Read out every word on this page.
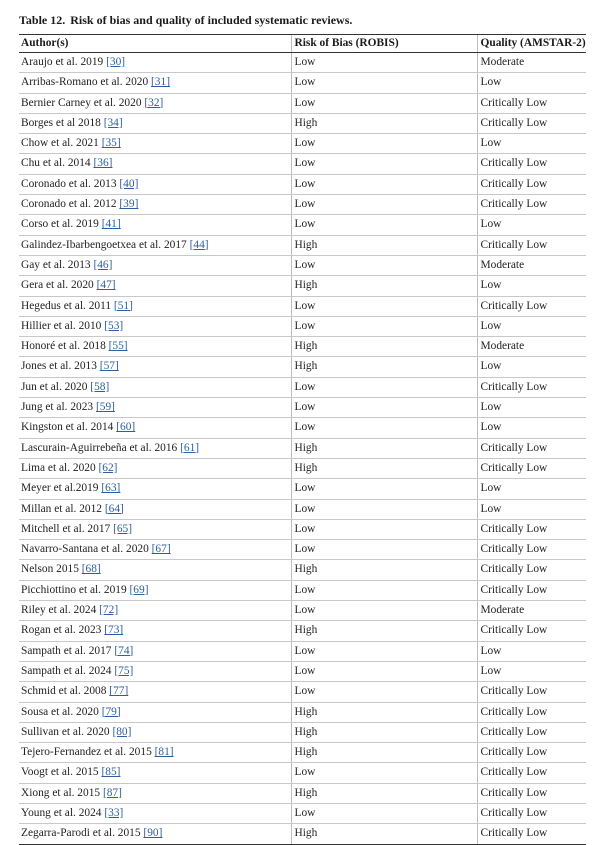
Table 12. Risk of bias and quality of included systematic reviews.
Author(s)	Risk of Bias (ROBIS)	Quality (AMSTAR-2)
Araujo et al. 2019 [30]	Low	Moderate
Arribas-Romano et al. 2020 [31]	Low	Low
Bernier Carney et al. 2020 [32]	Low	Critically Low
Borges et al 2018 [34]	High	Critically Low
Chow et al. 2021 [35]	Low	Low
Chu et al. 2014 [36]	Low	Critically Low
Coronado et al. 2013 [40]	Low	Critically Low
Coronado et al. 2012 [39]	Low	Critically Low
Corso et al. 2019 [41]	Low	Low
Galindez-Ibarbengoetxea et al. 2017 [44]	High	Critically Low
Gay et al. 2013 [46]	Low	Moderate
Gera et al. 2020 [47]	High	Low
Hegedus et al. 2011 [51]	Low	Critically Low
Hillier et al. 2010 [53]	Low	Low
Honoré et al. 2018 [55]	High	Moderate
Jones et al. 2013 [57]	High	Low
Jun et al. 2020 [58]	Low	Critically Low
Jung et al. 2023 [59]	Low	Low
Kingston et al. 2014 [60]	Low	Low
Lascurain-Aguirrebeña et al. 2016 [61]	High	Critically Low
Lima et al. 2020 [62]	High	Critically Low
Meyer et al.2019 [63]	Low	Low
Millan et al. 2012 [64]	Low	Low
Mitchell et al. 2017 [65]	Low	Critically Low
Navarro-Santana et al. 2020 [67]	Low	Critically Low
Nelson 2015 [68]	High	Critically Low
Picchiottino et al. 2019 [69]	Low	Critically Low
Riley et al. 2024 [72]	Low	Moderate
Rogan et al. 2023 [73]	High	Critically Low
Sampath et al. 2017 [74]	Low	Low
Sampath et al. 2024 [75]	Low	Low
Schmid et al. 2008 [77]	Low	Critically Low
Sousa et al. 2020 [79]	High	Critically Low
Sullivan et al. 2020 [80]	High	Critically Low
Tejero-Fernandez et al. 2015 [81]	High	Critically Low
Voogt et al. 2015 [85]	Low	Critically Low
Xiong et al. 2015 [87]	High	Critically Low
Young et al. 2024 [33]	Low	Critically Low
Zegarra-Parodi et al. 2015 [90]	High	Critically Low
